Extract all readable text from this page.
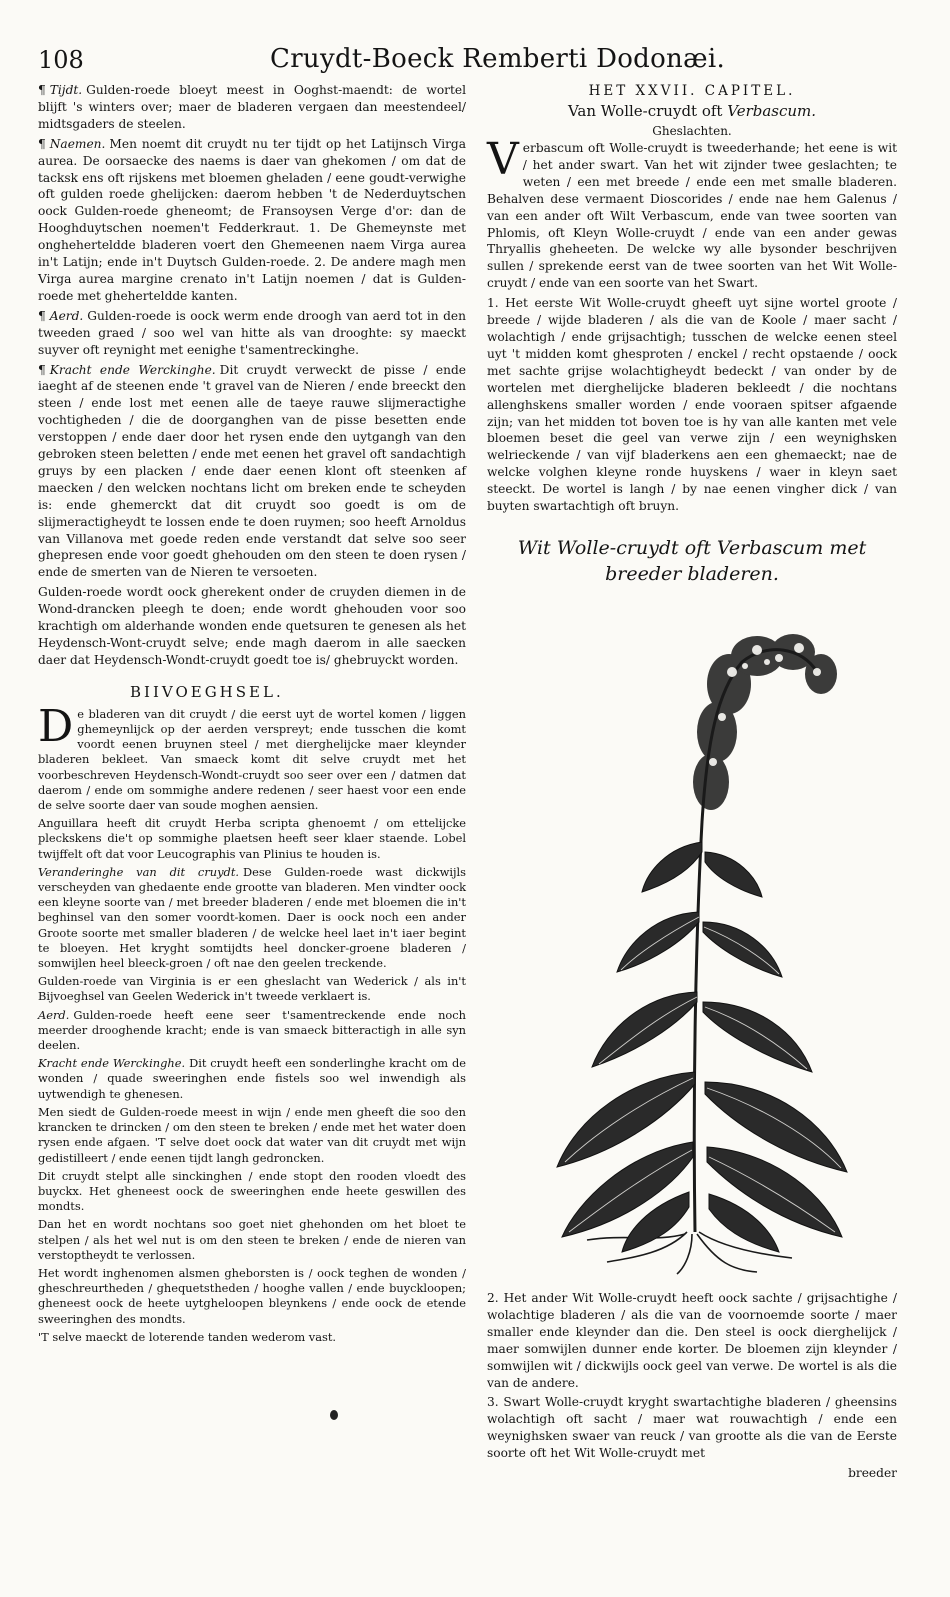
108	Cruydt-Boeck Remberti Dodonæi.

¶ Tijdt. Gulden-roede bloeyt meest in Ooghst-maendt: de wortel blijft 's winters over; maer de bladeren vergaen dan meestendeel/ midtsgaders de steelen.

¶ Naemen. Men noemt dit cruydt nu ter tijdt op het Latijnsch Virga aurea. De oorsaecke des naems is daer van ghekomen / om dat de tacksk ens oft rijskens met bloemen gheladen / eene goudt-verwighe oft gulden roede ghelijcken: daerom hebben 't de Nederduytschen oock Gulden-roede gheneomt; de Fransoysen Verge d'or: dan de Hooghduytschen noemen't Fedderkraut. 1. De Ghemeynste met ongheherteldde bladeren voert den Ghemeenen naem Virga aurea in't Latijn; ende in't Duytsch Gulden-roede. 2. De andere magh men Virga aurea margine crenato in't Latijn noemen / dat is Gulden-roede met gheherteldde kanten.

¶ Aerd. Gulden-roede is oock werm ende droogh van aerd tot in den tweeden graed / soo wel van hitte als van drooghte: sy maeckt suyver oft reynight met eenighe t'samentreckinghe.

¶ Kracht ende Werckinghe. Dit cruydt verweckt de pisse / ende iaeght af de steenen ende 't gravel van de Nieren / ende breeckt den steen / ende lost met eenen alle de taeye rauwe slijmeractighe vochtigheden / die de doorganghen van de pisse besetten ende verstoppen / ende daer door het rysen ende den uytgangh van den gebroken steen beletten / ende met eenen het gravel oft sandachtigh gruys by een placken / ende daer eenen klont oft steenken af maecken / den welcken nochtans licht om breken ende te scheyden is: ende ghemerckt dat dit cruydt soo goedt is om de slijmeractigheydt te lossen ende te doen ruymen; soo heeft Arnoldus van Villanova met goede reden ende verstandt dat selve soo seer ghepresen ende voor goedt ghehouden om den steen te doen rysen / ende de smerten van de Nieren te versoeten.

Gulden-roede wordt oock gherekent onder de cruyden diemen in de Wond-drancken pleegh te doen; ende wordt ghehouden voor soo krachtigh om alderhande wonden ende quetsuren te genesen als het Heydensch-Wont-cruydt selve; ende magh daerom in alle saecken daer dat Heydensch-Wondt-cruydt goedt toe is/ ghebruyckt worden.

BIIVOEGHSEL.

De bladeren van dit cruydt / die eerst uyt de wortel komen / liggen ghemeynlijck op der aerden verspreyt; ende tusschen die komt voordt eenen bruynen steel / met dierghelijcke maer kleynder bladeren bekleet. Van smaeck komt dit selve cruydt met het voorbeschreven Heydensch-Wondt-cruydt soo seer over een / datmen dat daerom / ende om sommighe andere redenen / seer haest voor een ende de selve soorte daer van soude moghen aensien.

Anguillara heeft dit cruydt Herba scripta ghenoemt / om ettelijcke pleckskens die't op sommighe plaetsen heeft seer klaer staende. Lobel twijffelt oft dat voor Leucographis van Plinius te houden is.

Veranderinghe van dit cruydt. Dese Gulden-roede wast dickwijls verscheyden van ghedaente ende grootte van bladeren. Men vindter oock een kleyne soorte van / met breeder bladeren / ende met bloemen die in't beghinsel van den somer voordt-komen. Daer is oock noch een ander Groote soorte met smaller bladeren / de welcke heel laet in't iaer begint te bloeyen. Het kryght somtijdts heel doncker-groene bladeren / somwijlen heel bleeck-groen / oft nae den geelen treckende.

Gulden-roede van Virginia is er een gheslacht van Wederick / als in't Bijvoeghsel van Geelen Wederick in't tweede verklaert is.

Aerd. Gulden-roede heeft eene seer t'samentreckende ende noch meerder drooghende kracht; ende is van smaeck bitteractigh in alle syn deelen.

Kracht ende Werckinghe. Dit cruydt heeft een sonderlinghe kracht om de wonden / quade sweeringhen ende fistels soo wel inwendigh als uytwendigh te ghenesen.

Men siedt de Gulden-roede meest in wijn / ende men gheeft die soo den krancken te drincken / om den steen te breken / ende met het water doen rysen ende afgaen. 'T selve doet oock dat water van dit cruydt met wijn gedistilleert / ende eenen tijdt langh gedroncken.

Dit cruydt stelpt alle sinckinghen / ende stopt den rooden vloedt des buyckx. Het gheneest oock de sweeringhen ende heete geswillen des mondts.

Dan het en wordt nochtans soo goet niet ghehonden om het bloet te stelpen / als het wel nut is om den steen te breken / ende de nieren van verstoptheydt te verlossen.

Het wordt inghenomen alsmen gheborsten is / oock teghen de wonden / gheschreurtheden / ghequetstheden / hooghe vallen / ende buyckloopen; gheneest oock de heete uytgheloopen bleynkens / ende oock de etende sweeringhen des mondts.

'T selve maeckt de loterende tanden wederom vast.

HET XXVII. CAPITEL.
Van Wolle-cruydt oft Verbascum.
Gheslachten.

Verbascum oft Wolle-cruydt is tweederhande; het eene is wit / het ander swart. Van het wit zijnder twee geslachten; te weten / een met breede / ende een met smalle bladeren. Behalven dese vermaent Dioscorides / ende nae hem Galenus / van een ander oft Wilt Verbascum, ende van twee soorten van Phlomis, oft Kleyn Wolle-cruydt / ende van een ander gewas Thryallis gheheeten. De welcke wy alle bysonder beschrijven sullen / sprekende eerst van de twee soorten van het Wit Wolle-cruydt / ende van een soorte van het Swart.

1. Het eerste Wit Wolle-cruydt gheeft uyt sijne wortel groote / breede / wijde bladeren / als die van de Koole / maer sacht / wolachtigh / ende grijsachtigh; tusschen de welcke eenen steel uyt 't midden komt ghesproten / enckel / recht opstaende / oock met sachte grijse wolachtigheydt bedeckt / van onder by de wortelen met dierghelijcke bladeren bekleedt / die nochtans allenghskens smaller worden / ende vooraen spitser afgaende zijn; van het midden tot boven toe is hy van alle kanten met vele bloemen beset die geel van verwe zijn / een weynighsken welrieckende / van vijf bladerkens aen een ghemaeckt; nae de welcke volghen kleyne ronde huyskens / waer in kleyn saet steeckt. De wortel is langh / by nae eenen vingher dick / van buyten swartachtigh oft bruyn.

Wit Wolle-cruydt oft Verbascum met breeder bladeren.

2. Het ander Wit Wolle-cruydt heeft oock sachte / grijsachtighe / wolachtige bladeren / als die van de voornoemde soorte / maer smaller ende kleynder dan die. Den steel is oock dierghelijck / maer somwijlen dunner ende korter. De bloemen zijn kleynder / somwijlen wit / dickwijls oock geel van verwe. De wortel is als die van de andere.

3. Swart Wolle-cruydt kryght swartachtighe bladeren / gheensins wolachtigh oft sacht / maer wat rouwachtigh / ende een weynighsken swaer van reuck / van grootte als die van de Eerste soorte oft het Wit Wolle-cruydt met

breeder
